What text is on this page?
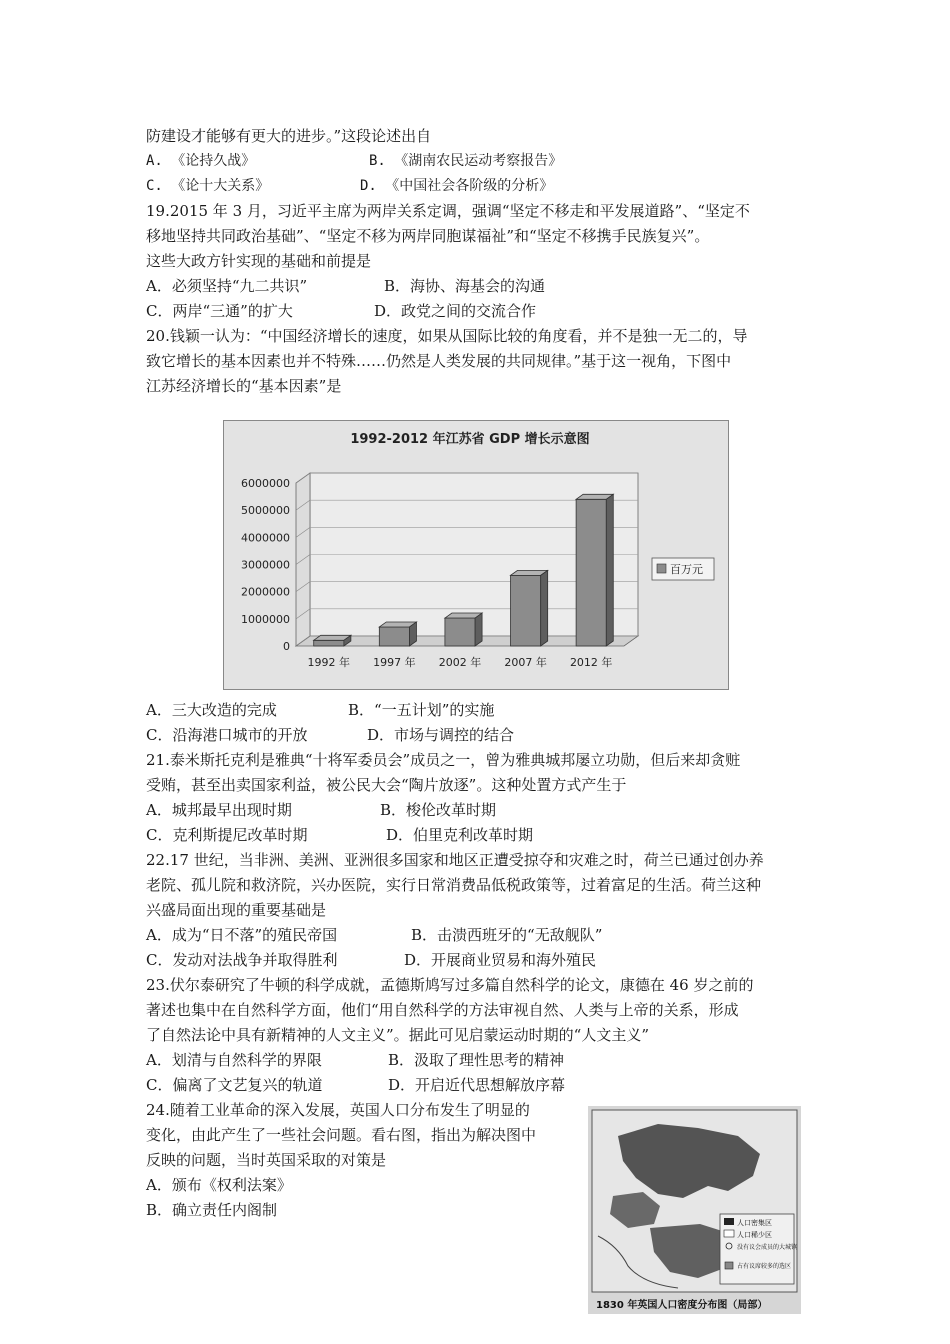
防建设才能够有更大的进步。”这段论述出自
A. 《论持久战》	B. 《湖南农民运动考察报告》
C. 《论十大关系》	D. 《中国社会各阶级的分析》
19.2015 年 3 月，习近平主席为两岸关系定调，强调“坚定不移走和平发展道路”、“坚定不
移地坚持共同政治基础”、“坚定不移为两岸同胞谋福祉”和“坚定不移携手民族复兴”。
这些大政方针实现的基础和前提是
A．必须坚持“九二共识”	B．海协、海基会的沟通
C．两岸“三通”的扩大	D．政党之间的交流合作
20.钱颖一认为：“中国经济增长的速度，如果从国际比较的角度看，并不是独一无二的，导
致它增长的基本因素也并不特殊……仍然是人类发展的共同规律。”基于这一视角，下图中
江苏经济增长的“基本因素”是
6000000
5000000
4000000
3000000
2000000
1000000
0
1992-2012 年江苏省 GDP 增长示意图
1992 年 1997 年 2002 年 2007 年 2012 年
百万元
A．三大改造的完成	B．“一五计划”的实施
C．沿海港口城市的开放	D．市场与调控的结合
21.泰米斯托克利是雅典“十将军委员会”成员之一，曾为雅典城邦屡立功勋，但后来却贪赃
受贿，甚至出卖国家利益，被公民大会“陶片放逐”。这种处置方式产生于
A．城邦最早出现时期	B．梭伦改革时期
C．克利斯提尼改革时期	D．伯里克利改革时期
22.17 世纪，当非洲、美洲、亚洲很多国家和地区正遭受掠夺和灾难之时，荷兰已通过创办养
老院、孤儿院和救济院，兴办医院，实行日常消费品低税政策等，过着富足的生活。荷兰这种
兴盛局面出现的重要基础是
A．成为“日不落”的殖民帝国	B．击溃西班牙的“无敌舰队”
C．发动对法战争并取得胜利	D．开展商业贸易和海外殖民
23.伏尔泰研究了牛顿的科学成就，孟德斯鸠写过多篇自然科学的论文，康德在 46 岁之前的
著述也集中在自然科学方面，他们“用自然科学的方法审视自然、人类与上帝的关系，形成
了自然法论中具有新精神的人文主义”。据此可见启蒙运动时期的“人文主义”
A．划清与自然科学的界限	B．汲取了理性思考的精神
C．偏离了文艺复兴的轨道	D．开启近代思想解放序幕
24.随着工业革命的深入发展，英国人口分布发生了明显的
变化，由此产生了一些社会问题。看右图，指出为解决图中
反映的问题，当时英国采取的对策是
A．颁布《权利法案》
B．确立责任内阁制
人口密集区
人口稀少区
没有议会成员的大城镇
占有议席较多的选区
1830 年英国人口密度分布图（局部）
